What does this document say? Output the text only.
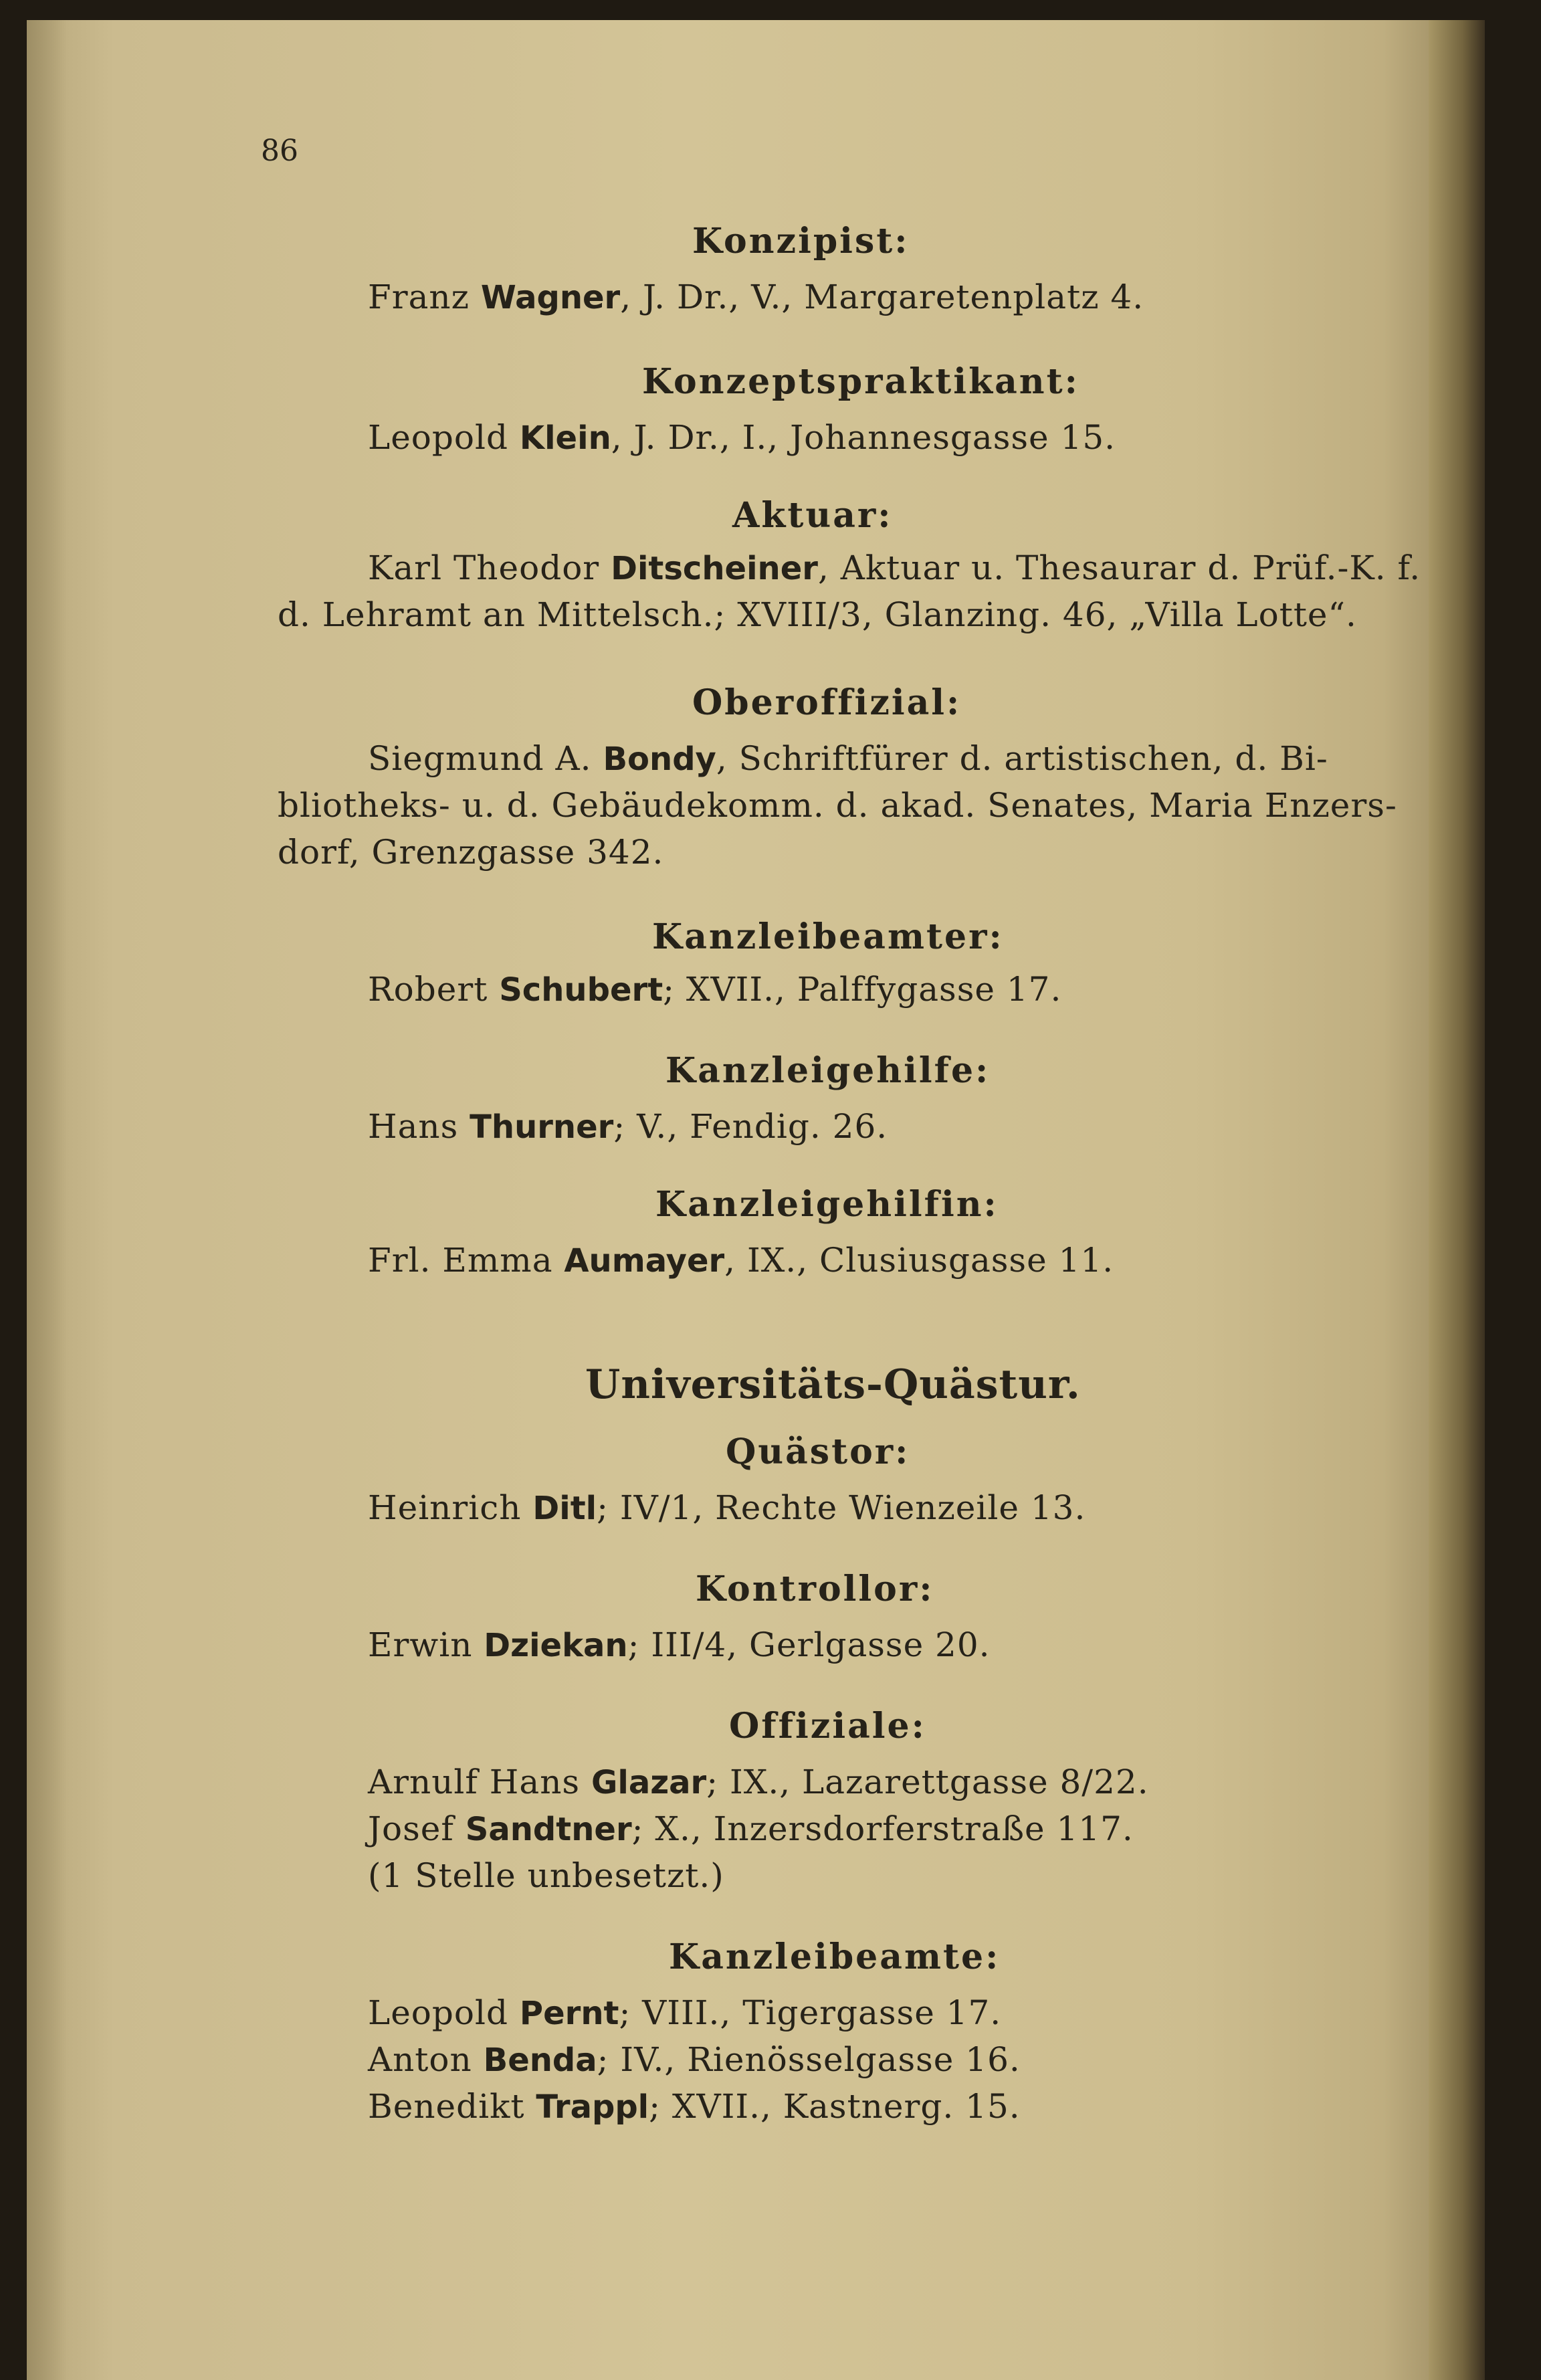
86
Konzipist:
Franz Wagner, J. Dr., V., Margaretenplatz 4.
Konzeptspraktikant:
Leopold Klein, J. Dr., I., Johannesgasse 15.
Aktuar:
Karl Theodor Ditscheiner, Aktuar u. Thesaurar d. Prüf.-K. f.
d. Lehramt an Mittelsch.; XVIII/3, Glanzing. 46, „Villa Lotte“.
Oberoffizial:
Siegmund A. Bondy, Schriftfürer d. artistischen, d. Bi-
bliotheks- u. d. Gebäudekomm. d. akad. Senates, Maria Enzers-
dorf, Grenzgasse 342.
Kanzleibeamter:
Robert Schubert; XVII., Palffygasse 17.
Kanzleigehilfe:
Hans Thurner; V., Fendig. 26.
Kanzleigehilfin:
Frl. Emma Aumayer, IX., Clusiusgasse 11.
Universitäts-Quästur.
Quästor:
Heinrich Ditl; IV/1, Rechte Wienzeile 13.
Kontrollor:
Erwin Dziekan; III/4, Gerlgasse 20.
Offiziale:
Arnulf Hans Glazar; IX., Lazarettgasse 8/22.
Josef Sandtner; X., Inzersdorferstraße 117.
(1 Stelle unbesetzt.)
Kanzleibeamte:
Leopold Pernt; VIII., Tigergasse 17.
Anton Benda; IV., Rienösselgasse 16.
Benedikt Trappl; XVII., Kastnerg. 15.
